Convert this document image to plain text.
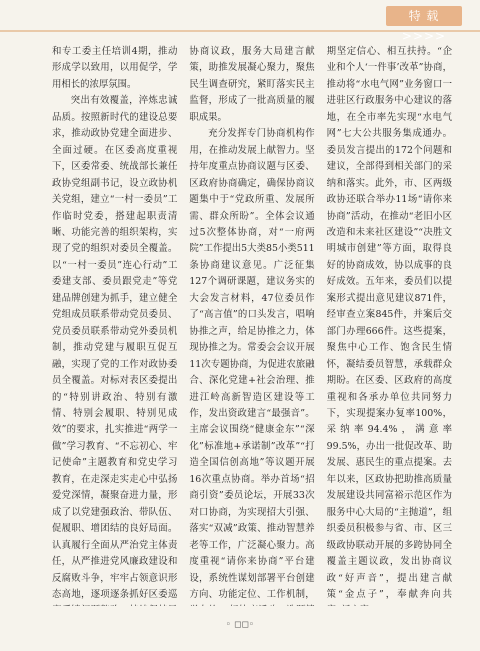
特 载 >>>>

和专工委主任培训4期，推动形成学以致用，以用促学，学用相长的浓厚氛围。

突出有效覆盖，淬炼忠诚品质。按照新时代的建设总要求，推动政协党建全面进步、全面过硬。在区委高度重视下，区委常委、统战部长兼任政协党组副书记，设立政协机关党组，建立“一村一委员”工作临时党委，搭建起职责清晰、功能完善的组织架构，实现了党的组织对委员全覆盖。以“一村一委员”连心行动”工委建支部、委员跟党走”等党建品牌创建为抓手，建立健全党组成员联系带动党员委员、党员委员联系带动党外委员机制，推动党建与履职互促互融，实现了党的工作对政协委员全覆盖。对标对表区委提出的“特别讲政治、特别有激情、特别会履职、特别见成效”的要求，扎实推进“两学一做”学习教育、“不忘初心、牢记使命”主题教育和党史学习教育，在走深走实走心中弘扬爱党深情，凝聚奋进力量，形成了以党建强政治、带队伍、促履职、增团结的良好局面。认真履行全面从严治党主体责任，从严推进党风廉政建设和反腐败斗争，牢牢占领意识形态高地，逐项逐条抓好区委巡

协商议政，服务大局建言献策，助推发展凝心聚力，聚焦民生调查研究，紧盯落实民主监督，形成了一批高质量的履职成果。

充分发挥专门协商机构作用，在推动发展上献智力。坚持年度重点协商议题与区委、区政府协商确定，确保协商议题集中于“党政所重、发展所需、群众所盼”。全体会议通过5次整体协商，对“一府两院”工作提出5大类85小类511条协商建议意见。广泛征集127个调研课题，建议务实的大会发言材料，47位委员作了“高言值”的口头发言，唱响协推之声，给足协推之力，体现协推之为。常委会会议开展11次专题协商，为促进农旅融合、深化党建+社会治理、推进江岭高新智造区建设等工作，发出资政建言“最强音”。主席会议围绕“健康金东”“深化”标准地+承诺制”改革”“打造全国信创高地”等议题开展16次重点协商。举办首场“招商引资”委员论坛，开展33次对口协商，为实现招大引强、落实“双减”政策、推动智慧养老等工作，广泛凝心聚力。高度重视“请你来协商”平台建设，系统性谋划部署平台创建方向、功能定位、工作机制，

期坚定信心、相互扶持。“企业和个人‘一件事’改革”协商，推动将“水电气网”业务窗口一进驻区行政服务中心建议的落地，在全市率先实现“水电气网”七大公共服务集成通办。委员发言提出的172个问题和建议，全部得到相关部门的采纳和落实。此外，市、区两级政协还联合举办11场“请你来协商”活动，在推动“老旧小区改造和未来社区建设”“决胜文明城市创建”等方面，取得良好的协商成效，协以成事的良好成效。五年来，委员们以提案形式提出意见建议871件，经审查立案845件，并案后交部门办理666件。这些提案，聚焦中心工作、饱含民生情怀，凝结委员智慧，承载群众期盼。在区委、区政府的高度重视和各承办单位共同努力下，实现提案办复率100%，采纳率94.4%，满意率99.5%，办出一批促改革、助发展、惠民生的重点提案。去年以来，区政协把助推高质量发展建设共同富裕示范区作为服务中心大局的“主抛道”，组织委员积极参与省、市、区三级政协联动开展的多跨协同全覆盖主题议政，发出协商议政“好声音”，提出建言献策“金点子”，奉献奔向共

◦ ◻◻◦
